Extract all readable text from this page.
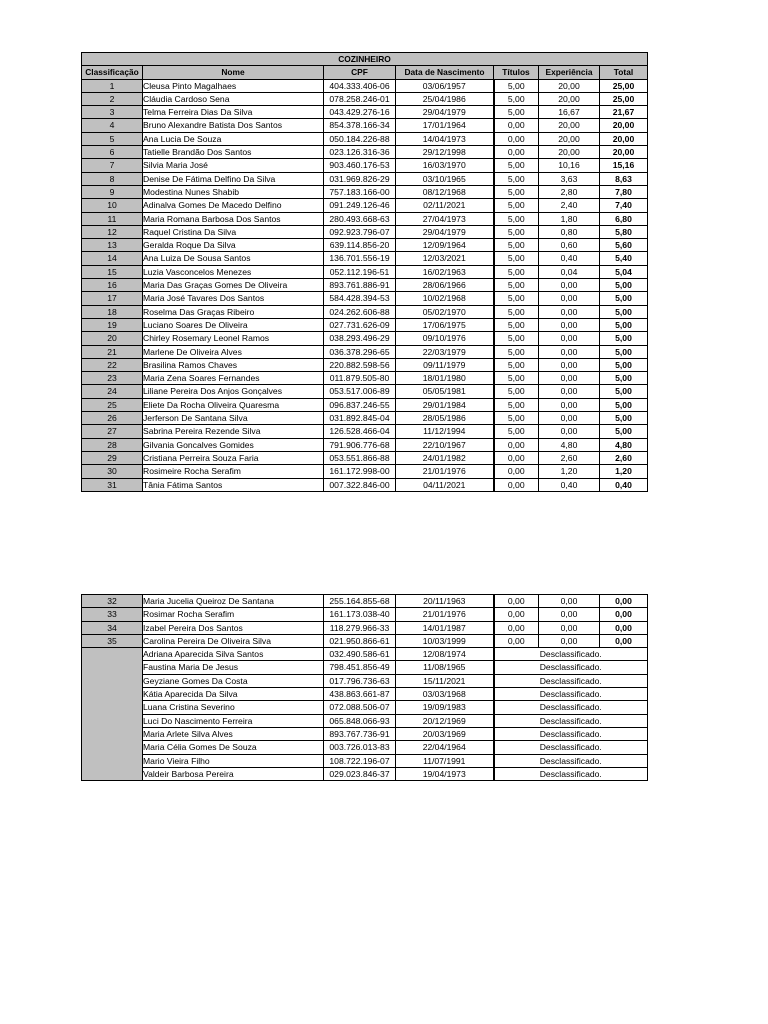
COZINHEIRO						
Classificação	Nome	CPF	Data de Nascimento	Títulos	Experiência	Total
1	Cleusa Pinto Magalhaes	404.333.406-06	03/06/1957	5,00	20,00	25,00
2	Cláudia Cardoso Sena	078.258.246-01	25/04/1986	5,00	20,00	25,00
3	Telma Ferreira Dias Da Silva	043.429.276-16	29/04/1979	5,00	16,67	21,67
4	Bruno Alexandre Batista Dos Santos	854.378.166-34	17/01/1964	0,00	20,00	20,00
5	Ana Lucia De Souza	050.184.226-88	14/04/1973	0,00	20,00	20,00
6	Tatielle Brandão Dos Santos	023.126.316-36	29/12/1998	0,00	20,00	20,00
7	Silvia Maria José	903.460.176-53	16/03/1970	5,00	10,16	15,16
8	Denise De Fátima Delfino Da Silva	031.969.826-29	03/10/1965	5,00	3,63	8,63
9	Modestina Nunes Shabib	757.183.166-00	08/12/1968	5,00	2,80	7,80
10	Adinalva Gomes De Macedo Delfino	091.249.126-46	02/11/2021	5,00	2,40	7,40
11	Maria Romana Barbosa Dos Santos	280.493.668-63	27/04/1973	5,00	1,80	6,80
12	Raquel Cristina Da Silva	092.923.796-07	29/04/1979	5,00	0,80	5,80
13	Geralda Roque Da Silva	639.114.856-20	12/09/1964	5,00	0,60	5,60
14	Ana Luiza De Sousa Santos	136.701.556-19	12/03/2021	5,00	0,40	5,40
15	Luzia Vasconcelos Menezes	052.112.196-51	16/02/1963	5,00	0,04	5,04
16	Maria Das Graças Gomes De Oliveira	893.761.886-91	28/06/1966	5,00	0,00	5,00
17	Maria José Tavares Dos Santos	584.428.394-53	10/02/1968	5,00	0,00	5,00
18	Roselma Das Graças Ribeiro	024.262.606-88	05/02/1970	5,00	0,00	5,00
19	Luciano Soares De Oliveira	027.731.626-09	17/06/1975	5,00	0,00	5,00
20	Chirley Rosemary Leonel Ramos	038.293.496-29	09/10/1976	5,00	0,00	5,00
21	Marlene De Oliveira Alves	036.378.296-65	22/03/1979	5,00	0,00	5,00
22	Brasilina Ramos Chaves	220.882.598-56	09/11/1979	5,00	0,00	5,00
23	Maria Zena Soares Fernandes	011.879.505-80	18/01/1980	5,00	0,00	5,00
24	Liliane Pereira Dos Anjos Gonçalves	053.517.006-89	05/05/1981	5,00	0,00	5,00
25	Eliete Da Rocha Oliveira Quaresma	096.837.246-55	29/01/1984	5,00	0,00	5,00
26	Jerferson De Santana Silva	031.892.845-04	28/05/1986	5,00	0,00	5,00
27	Sabrina Pereira Rezende Silva	126.528.466-04	11/12/1994	5,00	0,00	5,00
28	Gilvania Goncalves Gomides	791.906.776-68	22/10/1967	0,00	4,80	4,80
29	Cristiana Perreira Souza Faria	053.551.866-88	24/01/1982	0,00	2,60	2,60
30	Rosimeire Rocha Serafim	161.172.998-00	21/01/1976	0,00	1,20	1,20
31	Tânia Fátima Santos	007.322.846-00	04/11/2021	0,00	0,40	0,40
32	Maria Jucelia Queiroz De Santana	255.164.855-68	20/11/1963	0,00	0,00	0,00
33	Rosimar Rocha Serafim	161.173.038-40	21/01/1976	0,00	0,00	0,00
34	Izabel Pereira Dos Santos	118.279.966-33	14/01/1987	0,00	0,00	0,00
35	Carolina Pereira De Oliveira Silva	021.950.866-61	10/03/1999	0,00	0,00	0,00
	Adriana Aparecida Silva Santos	032.490.586-61	12/08/1974	Desclassificado.		
	Faustina Maria De Jesus	798.451.856-49	11/08/1965	Desclassificado.		
	Geyziane Gomes Da Costa	017.796.736-63	15/11/2021	Desclassificado.		
	Kátia Aparecida Da Silva	438.863.661-87	03/03/1968	Desclassificado.		
	Luana Cristina Severino	072.088.506-07	19/09/1983	Desclassificado.		
	Luci Do Nascimento Ferreira	065.848.066-93	20/12/1969	Desclassificado.		
	Maria Arlete Silva Alves	893.767.736-91	20/03/1969	Desclassificado.		
	Maria Célia Gomes De Souza	003.726.013-83	22/04/1964	Desclassificado.		
	Mario Vieira Filho	108.722.196-07	11/07/1991	Desclassificado.		
	Valdeir Barbosa Pereira	029.023.846-37	19/04/1973	Desclassificado.		
